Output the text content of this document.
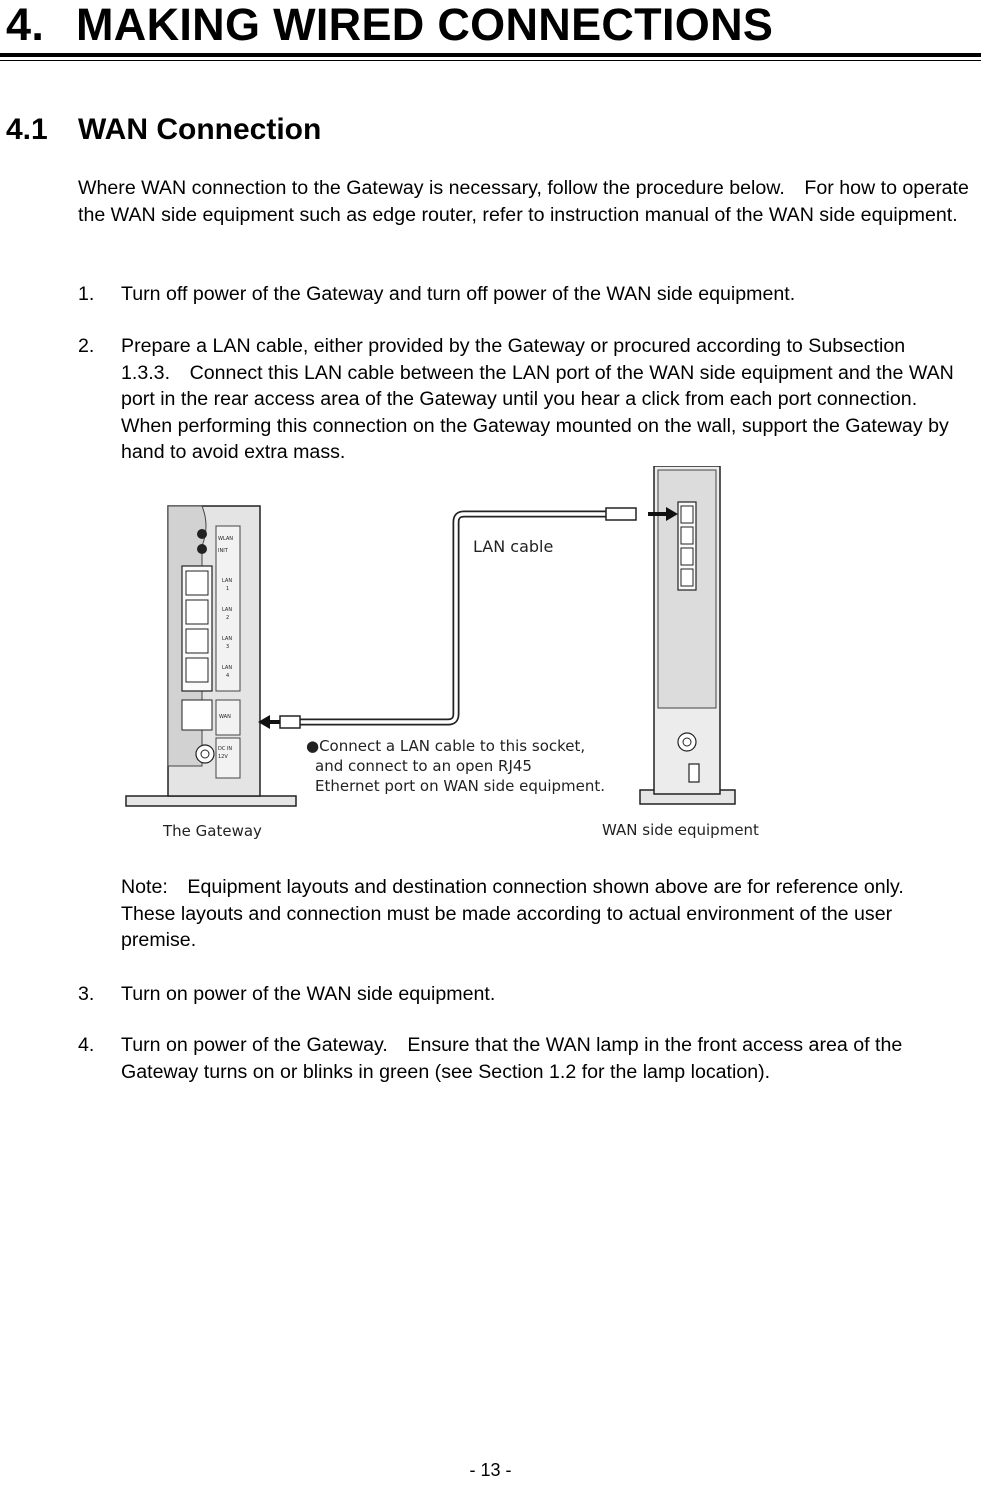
4. MAKING WIRED CONNECTIONS
4.1 WAN Connection

Where WAN connection to the Gateway is necessary, follow the procedure below. For how to operate the WAN side equipment such as edge router, refer to instruction manual of the WAN side equipment.

1. Turn off power of the Gateway and turn off power of the WAN side equipment.
2. Prepare a LAN cable, either provided by the Gateway or procured according to Subsection 1.3.3. Connect this LAN cable between the LAN port of the WAN side equipment and the WAN port in the rear access area of the Gateway until you hear a click from each port connection. When performing this connection on the Gateway mounted on the wall, support the Gateway by hand to avoid extra mass.
WLAN
INIT
LAN
1
LAN
2
LAN
3
LAN
4
WAN
DC IN
12V
LAN cable
●Connect a LAN cable to this socket,
and connect to an open RJ45
Ethernet port on WAN side equipment.
The Gateway	WAN side equipment

Note: Equipment layouts and destination connection shown above are for reference only. These layouts and connection must be made according to actual environment of the user premise.

3. Turn on power of the WAN side equipment.
4. Turn on power of the Gateway. Ensure that the WAN lamp in the front access area of the Gateway turns on or blinks in green (see Section 1.2 for the lamp location).
- 13 -
